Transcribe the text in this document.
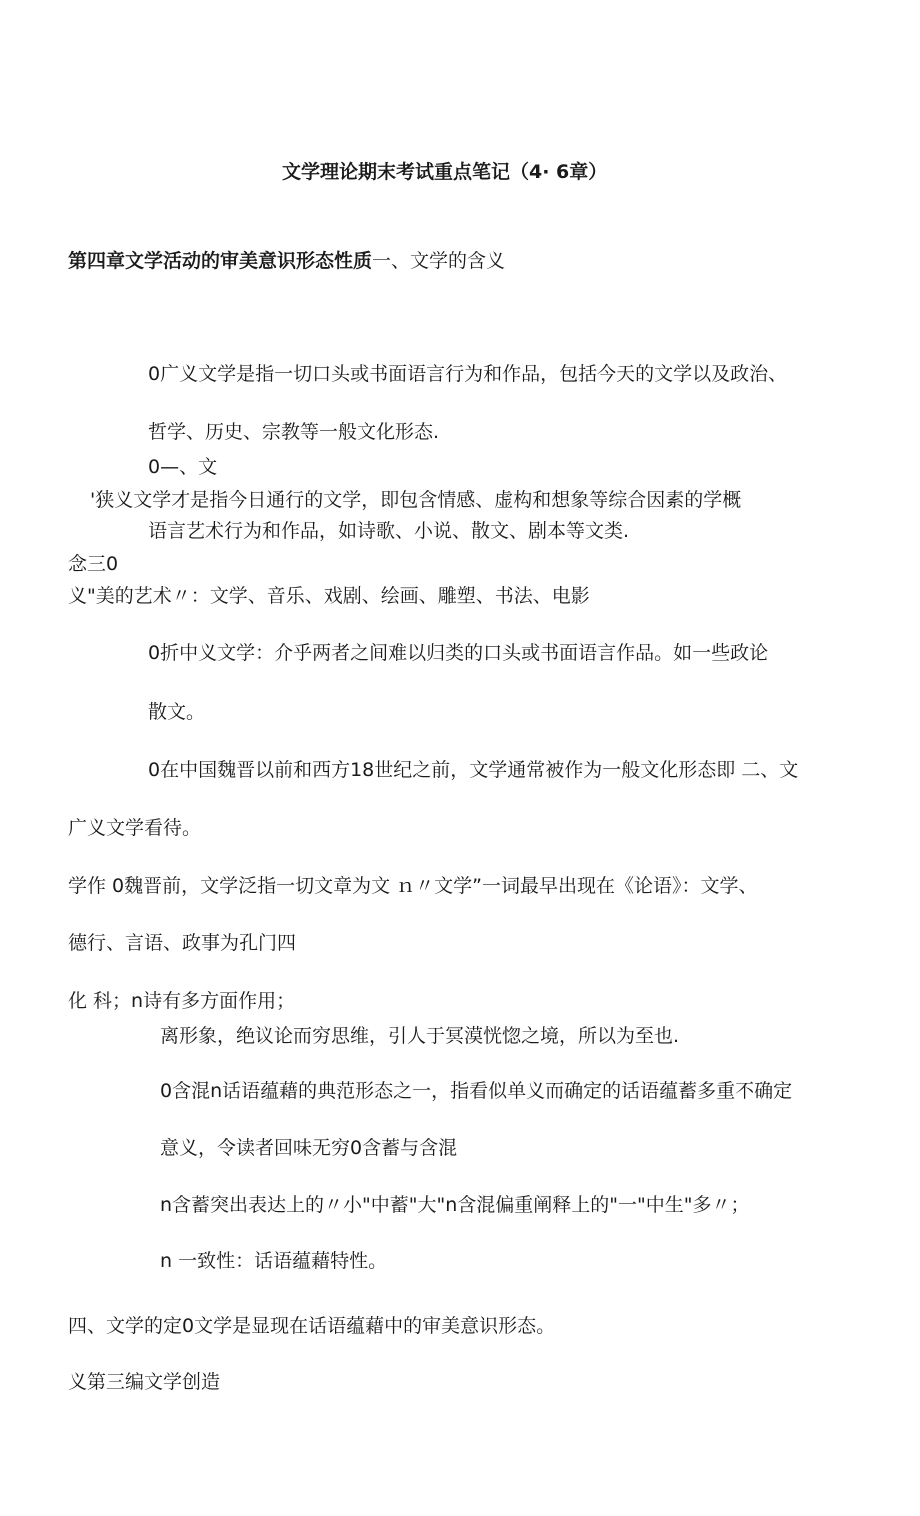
文学理论期末考试重点笔记（4· 6章）

第四章文学活动的审美意识形态性质一、文学的含义

0广义文学是指一切口头或书面语言行为和作品，包括今天的文学以及政治、

哲学、历史、宗教等一般文化形态.

0—、文

'狭义文学才是指今日通行的文学，即包含情感、虚构和想象等综合因素的学概

语言艺术行为和作品，如诗歌、小说、散文、剧本等文类.

念三0

义"美的艺术〃：文学、音乐、戏剧、绘画、雕塑、书法、电影

0折中义文学：介乎两者之间难以归类的口头或书面语言作品。如一些政论

散文。

0在中国魏晋以前和西方18世纪之前，文学通常被作为一般文化形态即 二、文

广义文学看待。

学作 0魏晋前，文学泛指一切文章为文 ｎ〃文学”一词最早出现在《论语》：文学、

德行、言语、政事为孔门四

化 科；n诗有多方面作用；

离形象，绝议论而穷思维，引人于冥漠恍惚之境，所以为至也.

0含混n话语蕴藉的典范形态之一，指看似单义而确定的话语蕴蓄多重不确定

意义，令读者回味无穷0含蓄与含混

n含蓄突出表达上的〃小"中蓄"大"n含混偏重阐释上的"一"中生"多〃；

n 一致性：话语蕴藉特性。

四、文学的定0文学是显现在话语蕴藉中的审美意识形态。

义第三编文学创造
